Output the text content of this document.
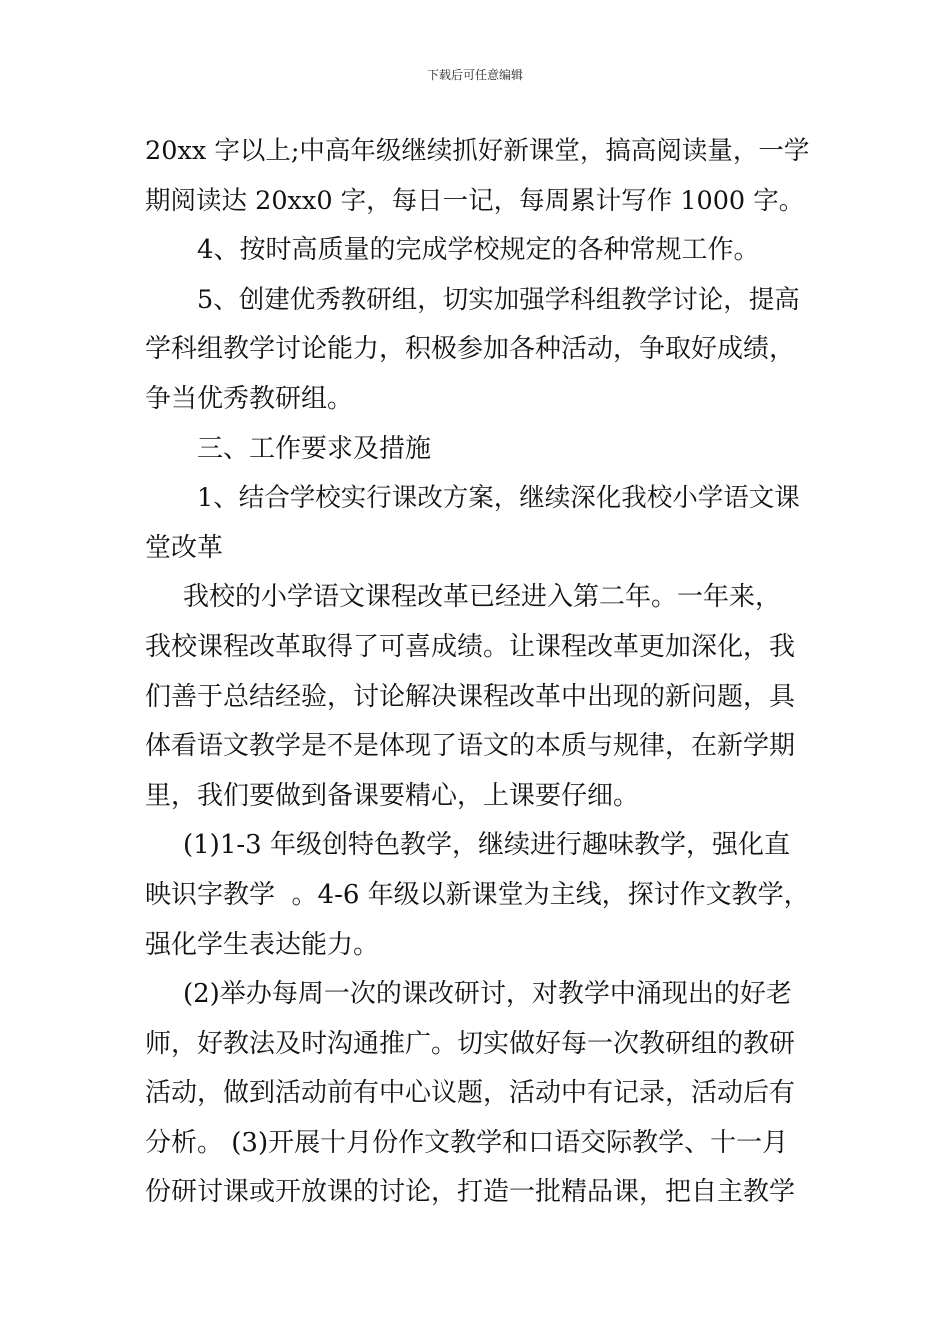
下载后可任意编辑
20xx 字以上;中高年级继续抓好新课堂，搞高阅读量，一学
期阅读达 20xx0 字，每日一记，每周累计写作 1000 字。
4、按时高质量的完成学校规定的各种常规工作。
5、创建优秀教研组，切实加强学科组教学讨论，提高
学科组教学讨论能力，积极参加各种活动，争取好成绩，
争当优秀教研组。
三、工作要求及措施
1、结合学校实行课改方案，继续深化我校小学语文课
堂改革
我校的小学语文课程改革已经进入第二年。一年来，
我校课程改革取得了可喜成绩。让课程改革更加深化，我
们善于总结经验，讨论解决课程改革中出现的新问题，具
体看语文教学是不是体现了语文的本质与规律，在新学期
里，我们要做到备课要精心，上课要仔细。
(1)1-3 年级创特色教学，继续进行趣味教学，强化直
映识字教学  。4-6 年级以新课堂为主线，探讨作文教学，
强化学生表达能力。
(2)举办每周一次的课改研讨，对教学中涌现出的好老
师，好教法及时沟通推广。切实做好每一次教研组的教研
活动，做到活动前有中心议题，活动中有记录，活动后有
分析。 (3)开展十月份作文教学和口语交际教学、十一月
份研讨课或开放课的讨论，打造一批精品课，把自主教学
